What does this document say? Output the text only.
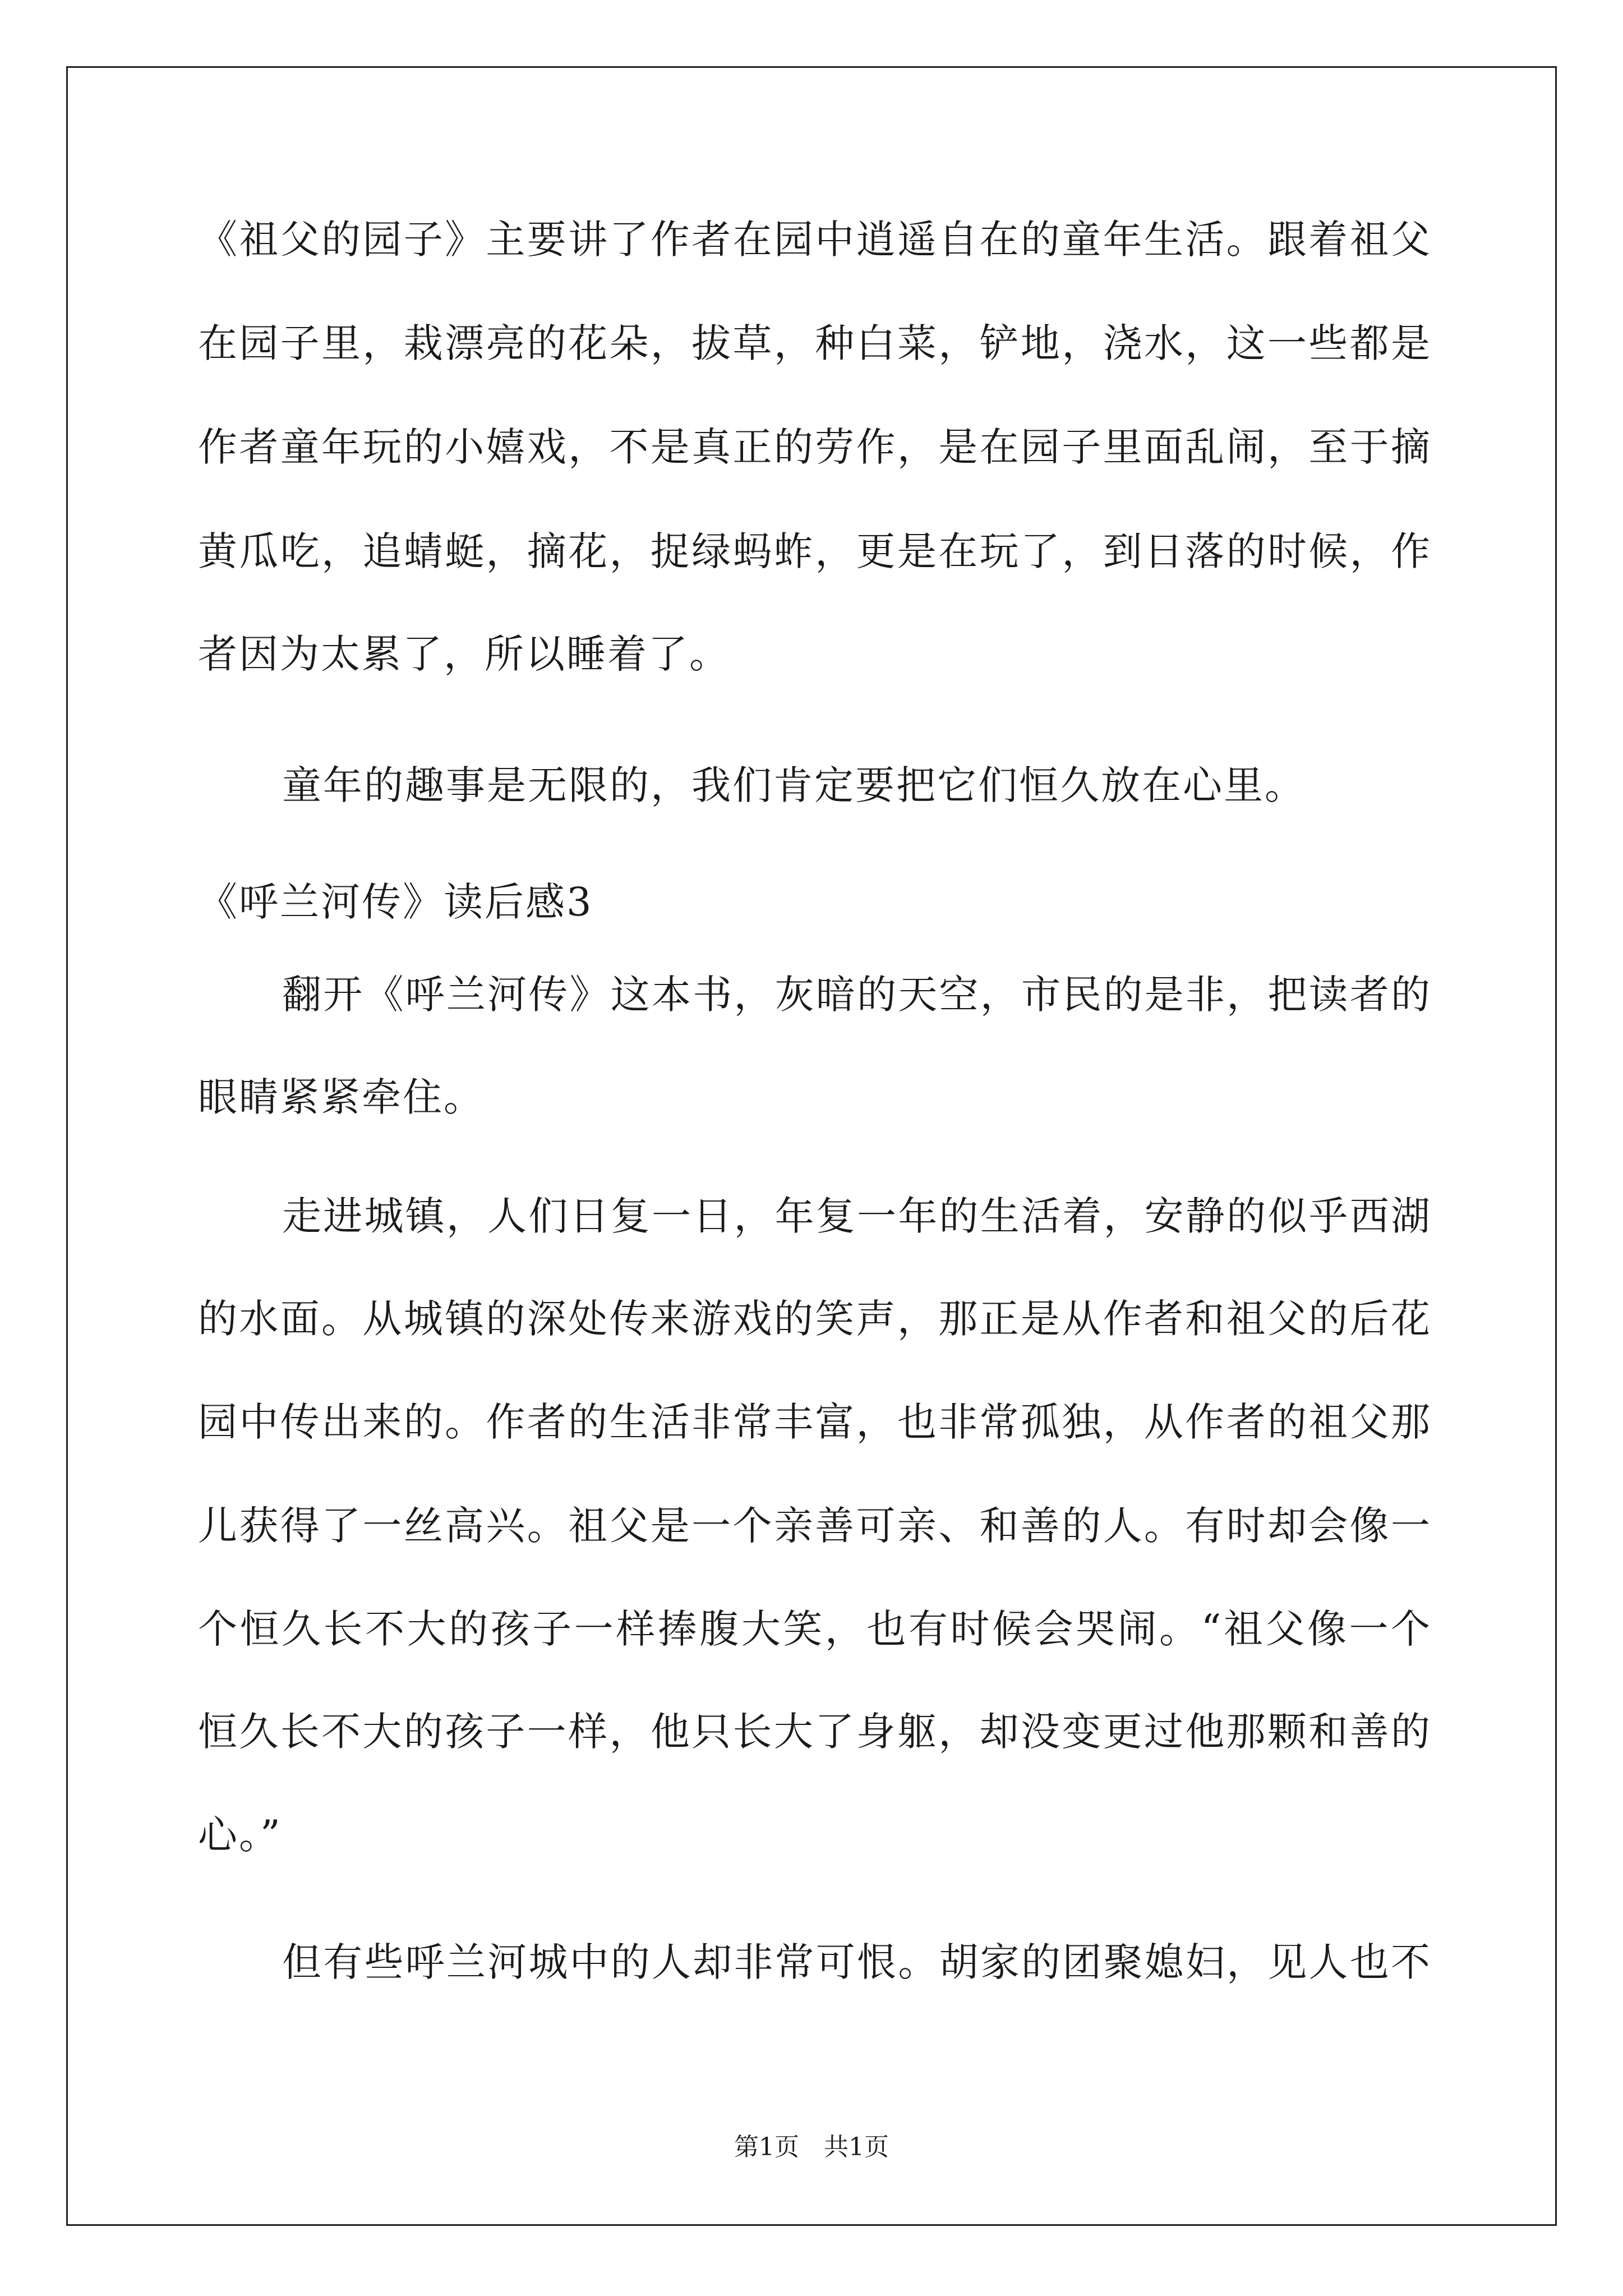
《祖父的园子》主要讲了作者在园中逍遥自在的童年生活。跟着祖父
在园子里，栽漂亮的花朵，拔草，种白菜，铲地，浇水，这一些都是
作者童年玩的小嬉戏，不是真正的劳作，是在园子里面乱闹，至于摘
黄瓜吃，追蜻蜓，摘花，捉绿蚂蚱，更是在玩了，到日落的时候，作
者因为太累了，所以睡着了。
童年的趣事是无限的，我们肯定要把它们恒久放在心里。
《呼兰河传》读后感3
翻开《呼兰河传》这本书，灰暗的天空，市民的是非，把读者的
眼睛紧紧牵住。
走进城镇，人们日复一日，年复一年的生活着，安静的似乎西湖
的水面。从城镇的深处传来游戏的笑声，那正是从作者和祖父的后花
园中传出来的。作者的生活非常丰富，也非常孤独，从作者的祖父那
儿获得了一丝高兴。祖父是一个亲善可亲、和善的人。有时却会像一
个恒久长不大的孩子一样捧腹大笑，也有时候会哭闹。“祖父像一个
恒久长不大的孩子一样，他只长大了身躯，却没变更过他那颗和善的
心。”
但有些呼兰河城中的人却非常可恨。胡家的团聚媳妇，见人也不
第1页　共1页
